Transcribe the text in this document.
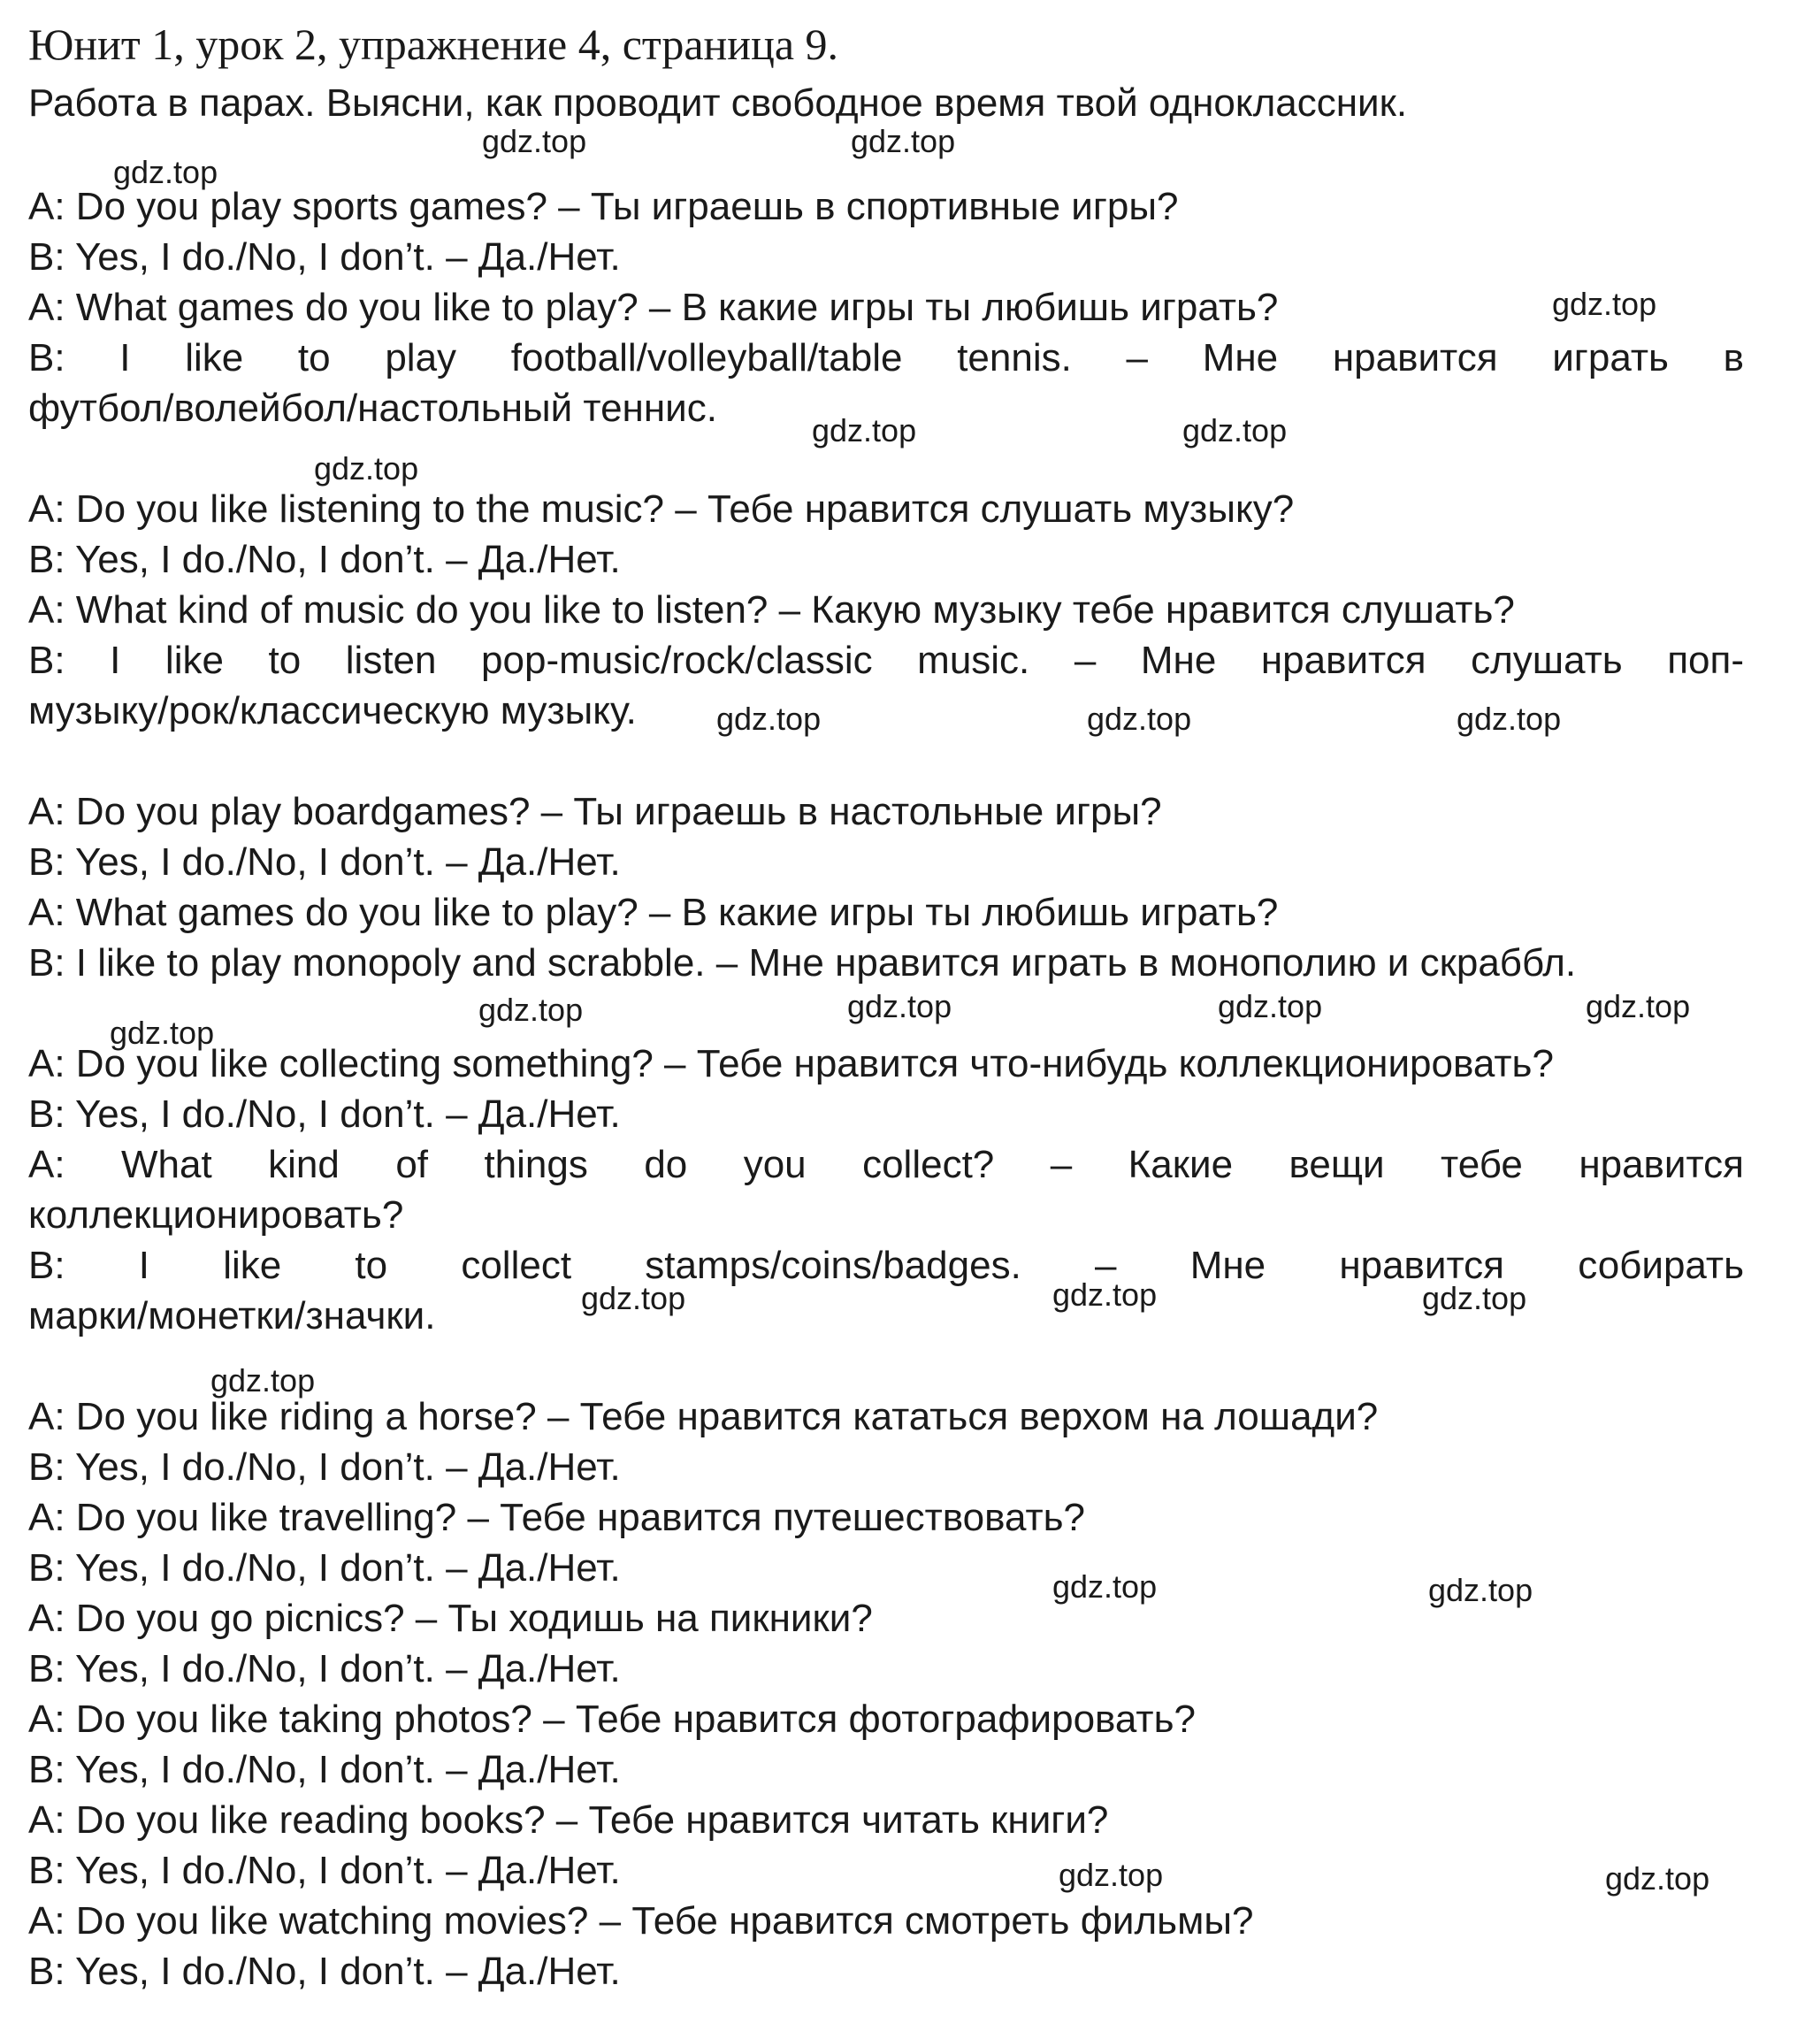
Юнит 1, урок 2, упражнение 4, страница 9.
Работа в парах. Выясни, как проводит свободное время твой одноклассник.
A: Do you play sports games? – Ты играешь в спортивные игры?
B: Yes, I do./No, I don’t. – Да./Нет.
A: What games do you like to play? – В какие игры ты любишь играть?
B: I like to play football/volleyball/table tennis. – Мне нравится играть в
футбол/волейбол/настольный теннис.
A: Do you like listening to the music? – Тебе нравится слушать музыку?
B: Yes, I do./No, I don’t. – Да./Нет.
A: What kind of music do you like to listen? – Какую музыку тебе нравится слушать?
B: I like to listen pop-music/rock/classic music. – Мне нравится слушать поп-
музыку/рок/классическую музыку.
A: Do you play boardgames? – Ты играешь в настольные игры?
B: Yes, I do./No, I don’t. – Да./Нет.
A: What games do you like to play? – В какие игры ты любишь играть?
B: I like to play monopoly and scrabble. – Мне нравится играть в монополию и скраббл.
A: Do you like collecting something? – Тебе нравится что-нибудь коллекционировать?
B: Yes, I do./No, I don’t. – Да./Нет.
A: What kind of things do you collect? – Какие вещи тебе нравится
коллекционировать?
B: I like to collect stamps/coins/badges. – Мне нравится собирать
марки/монетки/значки.
A: Do you like riding a horse? – Тебе нравится кататься верхом на лошади?
B: Yes, I do./No, I don’t. – Да./Нет.
A: Do you like travelling? – Тебе нравится путешествовать?
B: Yes, I do./No, I don’t. – Да./Нет.
A: Do you go picnics? – Ты ходишь на пикники?
B: Yes, I do./No, I don’t. – Да./Нет.
A: Do you like taking photos? – Тебе нравится фотографировать?
B: Yes, I do./No, I don’t. – Да./Нет.
A: Do you like reading books? – Тебе нравится читать книги?
B: Yes, I do./No, I don’t. – Да./Нет.
A: Do you like watching movies? – Тебе нравится смотреть фильмы?
B: Yes, I do./No, I don’t. – Да./Нет.
gdz.top	gdz.top
gdz.top
gdz.top
gdz.top	gdz.top
gdz.top
gdz.top	gdz.top	gdz.top
gdz.top	gdz.top	gdz.top	gdz.top
gdz.top
gdz.top	gdz.top	gdz.top
gdz.top
gdz.top	gdz.top
gdz.top	gdz.top
